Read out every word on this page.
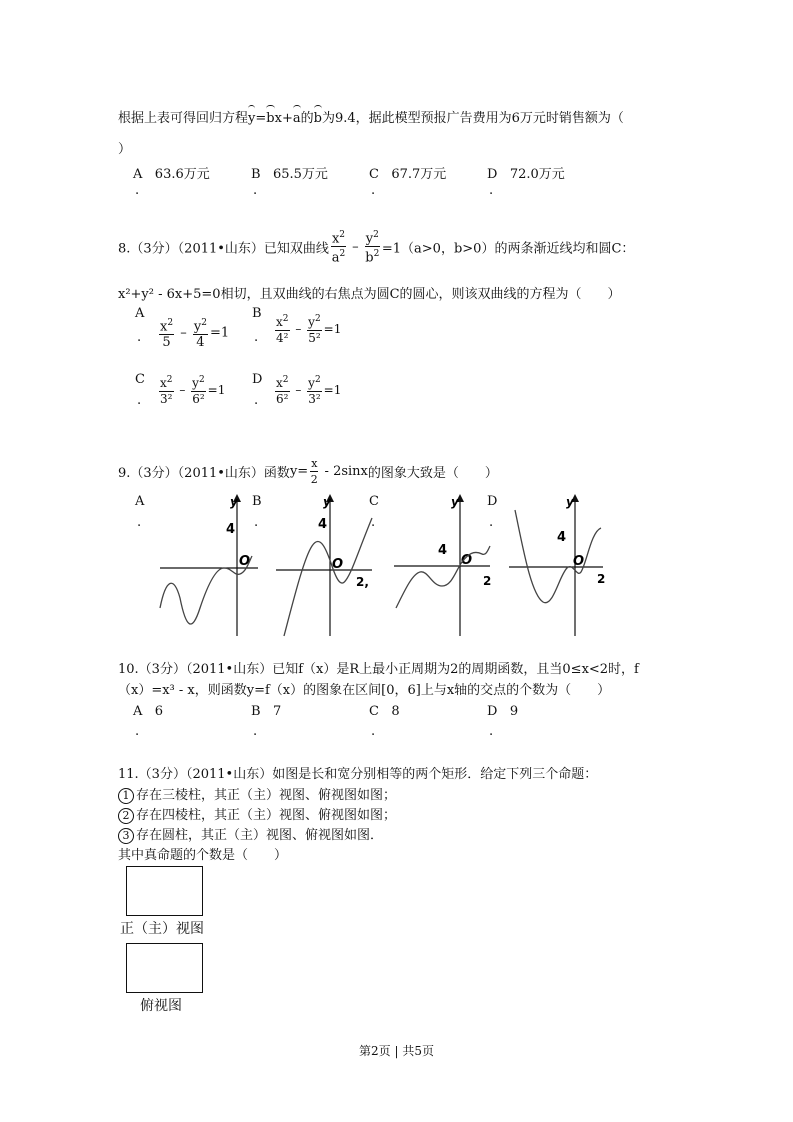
根据上表可得回归方程y=bx+a的b为9.4，据此模型预报广告费用为6万元时销售额为（
）
A 63.6万元	B 65.5万元	C 67.7万元	D 72.0万元
.	.	.	.
8.（3分）（2011•山东）已知双曲线 $\frac{x^2}{a^2} - \frac{y^2}{b^2} =1(a>0$，b>0）的两条渐近线均和圆C：
x²+y² - 6x+5=0相切，且双曲线的右焦点为圆C的圆心，则该双曲线的方程为（　　）
A
. $\frac{x^2}{5} - \frac{y^2}{4} =1$
B
. $\frac{x^2}{\text{4²}} - \frac{y^2}{\text{5²}} =1$
C
. $\frac{x^2}{\text{3²}} - \frac{y^2}{\text{6²}} =1$
D
. $\frac{x^2}{\text{6²}} - \frac{y^2}{\text{3²}} =1$
9.（3分）（2011•山东）函数$y= \frac{x}{2} - 2\sin x$的图象大致是（　　）
A
.
B
.
C
.
D
.
y
4
O
y
4
O
2,
y
4
O
2
y
4
O
2
10.（3分）（2011•山东）已知f（x）是R上最小正周期为2的周期函数，且当0≤x<2时，f
（x）=x³ - x，则函数y=f（x）的图象在区间[0，6]上与x轴的交点的个数为（　　）
A 6	B 7	C 8	D 9
.	.	.	.
11.（3分）（2011•山东）如图是长和宽分别相等的两个矩形．给定下列三个命题：
1 存在三棱柱，其正（主）视图、俯视图如图；
2 存在四棱柱，其正（主）视图、俯视图如图；
3 存在圆柱，其正（主）视图、俯视图如图．
其中真命题的个数是（　　）
正（主）视图
俯视图
第2页 | 共5页
